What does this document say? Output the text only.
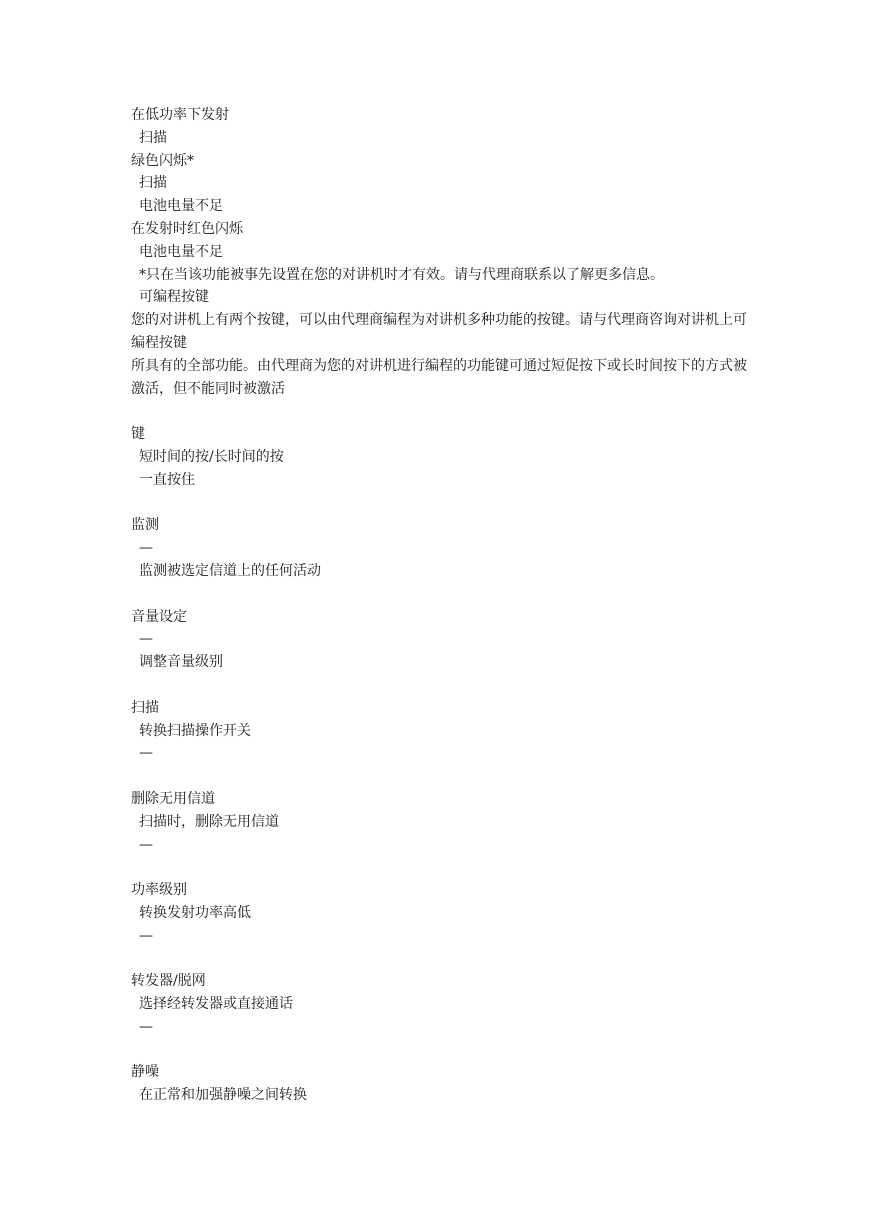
在低功率下发射
扫描
绿色闪烁*
扫描
电池电量不足
在发射时红色闪烁
电池电量不足
*只在当该功能被事先设置在您的对讲机时才有效。请与代理商联系以了解更多信息。
可编程按键
您的对讲机上有两个按键，可以由代理商编程为对讲机多种功能的按键。请与代理商咨询对讲机上可编程按键
所具有的全部功能。由代理商为您的对讲机进行编程的功能键可通过短促按下或长时间按下的方式被激活，但不能同时被激活
键
短时间的按/长时间的按
一直按住
监测
—
监测被选定信道上的任何活动
音量设定
—
调整音量级别
扫描
转换扫描操作开关
—
删除无用信道
扫描时，删除无用信道
—
功率级别
转换发射功率高低
—
转发器/脱网
选择经转发器或直接通话
—
静噪
在正常和加强静噪之间转换
